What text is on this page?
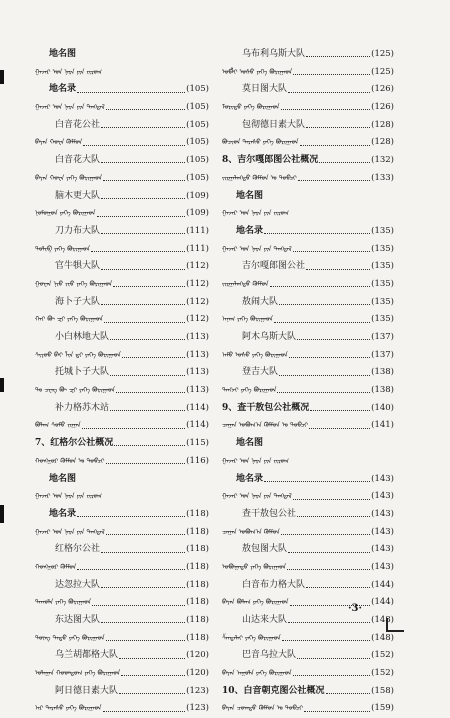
地名图
ᠭᠠᠵᠠᠷ ᠤᠨ ᠨᠡᠷᠡ ᠶᠢᠨ ᠵᠢᠷᠤᠭ
地名录	(105)
ᠭᠠᠵᠠᠷ ᠤᠨ ᠨᠡᠷᠡ ᠶᠢᠨ ᠳᠡᠩᠳᠡᠯ	(105)
白音花公社	(105)
ᠪᠠᠶᠠᠨ ᠬᠤᠸᠠ ᠺᠣᠮᠮᠤᠨ	(105)
白音花大队	(105)
ᠪᠠᠶᠠᠨ ᠬᠤᠸᠠ ᠶᠡᠬᠡ ᠪᠤᠷᠢᠭᠠᠳ	(105)
脑木更大队	(109)
ᠨᠣᠮᠣᠭᠣᠨ ᠶᠡᠬᠡ ᠪᠤᠷᠢᠭᠠᠳ	(109)
刀力布大队	(111)
ᠳᠣᠯᠢᠪ ᠶᠡᠬᠡ ᠪᠤᠷᠢᠭᠠᠳ	(111)
官牛犋大队	(112)
ᠭᠤᠸᠠᠨ ᠨᠢᠦ ᠵᠢᠦ ᠶᠡᠬᠡ ᠪᠤᠷᠢᠭᠠᠳ	(112)
海卜子大队	(112)
ᠬᠠᠢ ᠪᠦ ᠽᠢ ᠶᠡᠬᠡ ᠪᠤᠷᠢᠭᠠᠳ	(112)
小白林地大队	(113)
ᠰᠢᠶᠣᠣ ᠪᠠᠢ ᠯᠢᠨ ᠳᠢ ᠶᠡᠬᠡ ᠪᠤᠷᠢᠭᠠᠳ	(113)
托城卜子大队	(113)
ᠲᠣ ᠴᠧᠩ ᠪᠦ ᠽᠢ ᠶᠡᠬᠡ ᠪᠤᠷᠢᠭᠠᠳ	(113)
补力格苏木站	(114)
ᠪᠤᠯᠠᠭ ᠰᠤᠮᠤ ᠵᠢᠭᠠᠨ	(114)
7、红格尔公社概况	(115)
ᠬᠣᠩᠭᠣᠷ ᠺᠣᠮᠮᠤᠨ ᠤ ᠲᠣᠪᠴᠢ	(116)
地名图
ᠭᠠᠵᠠᠷ ᠤᠨ ᠨᠡᠷᠡ ᠶᠢᠨ ᠵᠢᠷᠤᠭ
地名录	(118)
ᠭᠠᠵᠠᠷ ᠤᠨ ᠨᠡᠷᠡ ᠶᠢᠨ ᠳᠡᠩᠳᠡᠯ	(118)
红格尔公社	(118)
ᠬᠣᠩᠭᠣᠷ ᠺᠣᠮᠮᠤᠨ	(118)
达忽拉大队	(118)
ᠳᠠᠬᠤᠯᠠ ᠶᠡᠬᠡ ᠪᠤᠷᠢᠭᠠᠳ	(118)
东达图大队	(118)
ᠳᠦᠩ ᠳᠠᠲᠤ ᠶᠡᠬᠡ ᠪᠤᠷᠢᠭᠠᠳ	(118)
乌兰胡都格大队	(120)
ᠤᠯᠠᠭᠠᠨ ᠬᠤᠳᠳᠤᠭ ᠶᠡᠬᠡ ᠪᠤᠷᠢᠭᠠᠳ	(120)
阿日德日素大队	(123)
ᠠᠷ ᠳᠡᠷᠡᠰᠦ ᠶᠡᠬᠡ ᠪᠤᠷᠢᠭᠠᠳ	(123)
乌布利乌斯大队	(125)
ᠤᠪᠯᠢ ᠤᠰᠤ ᠶᠡᠬᠡ ᠪᠤᠷᠢᠭᠠᠳ	(125)
莫日图大队	(126)
ᠮᠣᠷᠢᠲᠤ ᠶᠡᠬᠡ ᠪᠤᠷᠢᠭᠠᠳ	(126)
包彻德日素大队	(128)
ᠪᠣᠴᠢᠳ ᠳᠡᠷᠡᠰᠦ ᠶᠡᠬᠡ ᠪᠤᠷᠢᠭᠠᠳ	(128)
8、吉尔嘎郎图公社概况	(132)
ᠵᠢᠷᠭᠠᠯᠠᠩᠲᠤ ᠺᠣᠮᠮᠤᠨ ᠤ ᠲᠣᠪᠴᠢ	(133)
地名图
ᠭᠠᠵᠠᠷ ᠤᠨ ᠨᠡᠷᠡ ᠶᠢᠨ ᠵᠢᠷᠤᠭ
地名录	(135)
ᠭᠠᠵᠠᠷ ᠤᠨ ᠨᠡᠷᠡ ᠶᠢᠨ ᠳᠡᠩᠳᠡᠯ	(135)
吉尔嘎郎图公社	(135)
ᠵᠢᠷᠭᠠᠯᠠᠩᠲᠤ ᠺᠣᠮᠮᠤᠨ	(135)
敖闹大队	(135)
ᠠᠨᠠᠭ ᠶᠡᠬᠡ ᠪᠤᠷᠢᠭᠠᠳ	(135)
阿木乌斯大队	(137)
ᠠᠮᠤ ᠤᠰᠤ ᠶᠡᠬᠡ ᠪᠤᠷᠢᠭᠠᠳ	(137)
登吉大队	(138)
ᠳᠡᠩᠵᠢ ᠶᠡᠬᠡ ᠪᠤᠷᠢᠭᠠᠳ	(138)
9、查干敖包公社概况	(140)
ᠴᠠᠭᠠᠨ ᠣᠪᠣᠭ᠎ᠠ ᠺᠣᠮᠮᠤᠨ ᠤ ᠲᠣᠪᠴᠢ	(141)
地名图
ᠭᠠᠵᠠᠷ ᠤᠨ ᠨᠡᠷᠡ ᠶᠢᠨ ᠵᠢᠷᠤᠭ
地名录	(143)
ᠭᠠᠵᠠᠷ ᠤᠨ ᠨᠡᠷᠡ ᠶᠢᠨ ᠳᠡᠩᠳᠡᠯ	(143)
查干敖包公社	(143)
ᠴᠠᠭᠠᠨ ᠣᠪᠣᠭ᠎ᠠ ᠺᠣᠮᠮᠤᠨ	(143)
敖包图大队	(143)
ᠣᠪᠣᠭᠠᠲᠤ ᠶᠡᠬᠡ ᠪᠤᠷᠢᠭᠠᠳ	(143)
白音布力格大队	(144)
ᠪᠠᠶᠠᠨ ᠪᠤᠯᠠᠭ ᠶᠡᠬᠡ ᠪᠤᠷᠢᠭᠠᠳ	(144)
山达来大队	(148)
ᠱᠠᠨᠳᠠᠯᠠᠢ ᠶᠡᠬᠡ ᠪᠤᠷᠢᠭᠠᠳ	(148)
巴音乌拉大队	(152)
ᠪᠠᠶᠠᠨ ᠠᠭᠤᠯᠠ ᠶᠡᠬᠡ ᠪᠤᠷᠢᠭᠠᠳ	(152)
10、白音朝克图公社概况	(158)
ᠪᠠᠶᠠᠨ ᠴᠣᠭᠲᠤ ᠺᠣᠮᠮᠤᠨ ᠤ ᠲᠣᠪᠴᠢ	(159)
·3·
